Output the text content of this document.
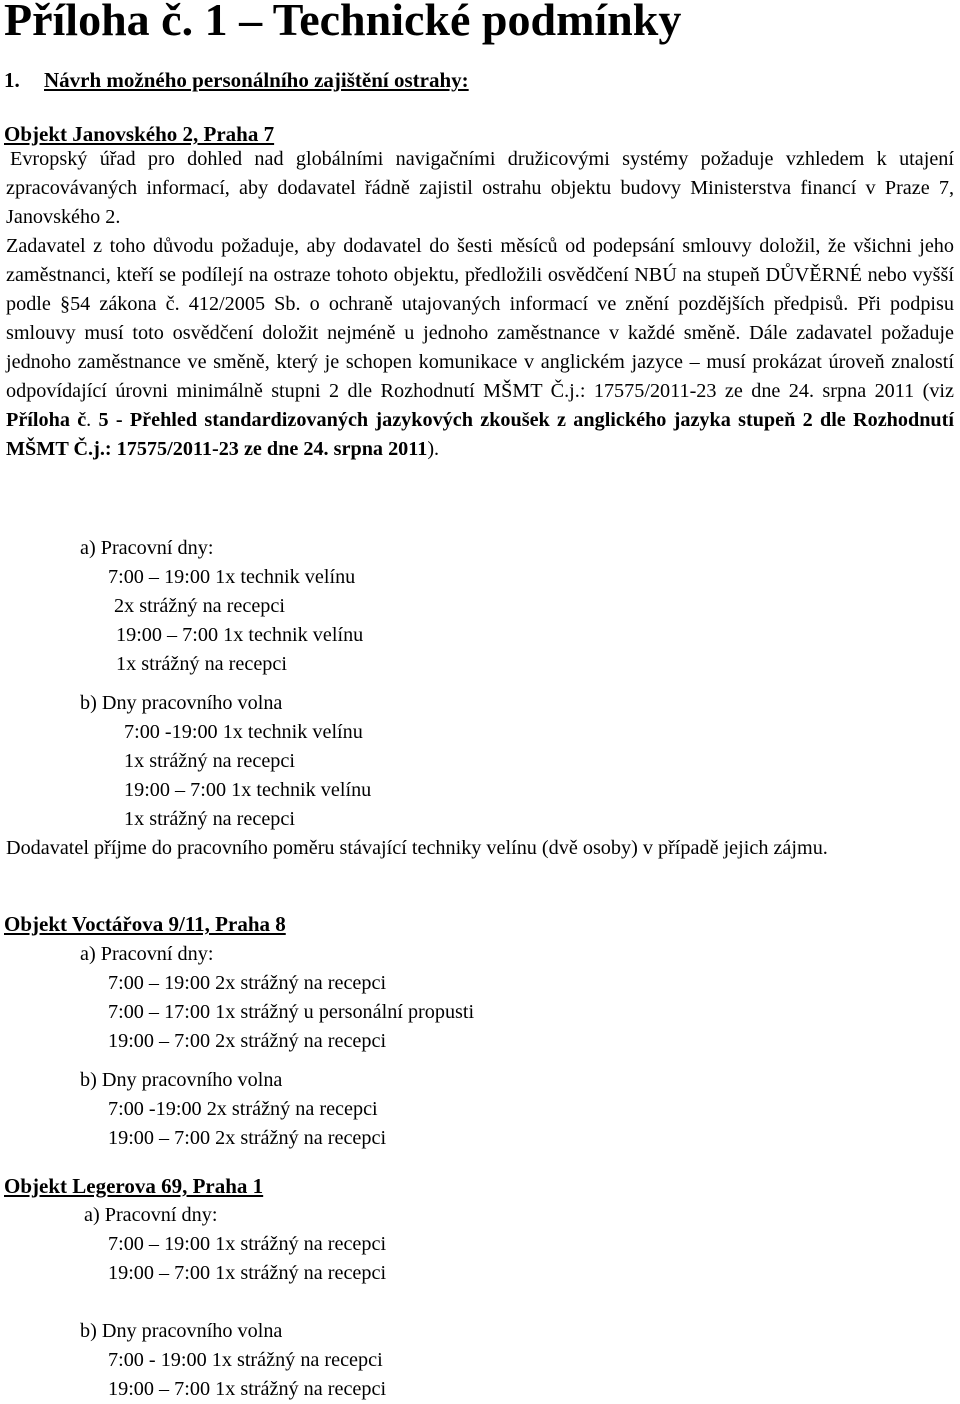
Příloha č. 1 – Technické podmínky
1. Návrh možného personálního zajištění ostrahy:
Objekt Janovského 2, Praha 7

Evropský úřad pro dohled nad globálními navigačními družicovými systémy požaduje vzhledem k utajení zpracovávaných informací, aby dodavatel řádně zajistil ostrahu objektu budovy Ministerstva financí v Praze 7, Janovského 2.

Zadavatel z toho důvodu požaduje, aby dodavatel do šesti měsíců od podepsání smlouvy doložil, že všichni jeho zaměstnanci, kteří se podílejí na ostraze tohoto objektu, předložili osvědčení NBÚ na stupeň DŮVĚRNÉ nebo vyšší podle §54 zákona č. 412/2005 Sb. o ochraně utajovaných informací ve znění pozdějších předpisů. Při podpisu smlouvy musí toto osvědčení doložit nejméně u jednoho zaměstnance v každé směně. Dále zadavatel požaduje jednoho zaměstnance ve směně, který je schopen komunikace v anglickém jazyce – musí prokázat úroveň znalostí odpovídající úrovni minimálně stupni 2 dle Rozhodnutí MŠMT Č.j.: 17575/2011-23 ze dne 24. srpna 2011 (viz Příloha č. 5 - Přehled standardizovaných jazykových zkoušek z anglického jazyka stupeň 2 dle Rozhodnutí MŠMT Č.j.: 17575/2011-23 ze dne 24. srpna 2011).

a) Pracovní dny:
7:00 – 19:00 1x technik velínu
2x strážný na recepci
19:00 – 7:00 1x technik velínu
1x strážný na recepci
b) Dny pracovního volna
7:00 -19:00 1x technik velínu
1x strážný na recepci
19:00 – 7:00 1x technik velínu
1x strážný na recepci

Dodavatel příjme do pracovního poměru stávající techniky velínu (dvě osoby) v případě jejich zájmu.

Objekt Voctářova 9/11, Praha 8
a) Pracovní dny:
7:00 – 19:00 2x strážný na recepci
7:00 – 17:00 1x strážný u personální propusti
19:00 – 7:00 2x strážný na recepci
b) Dny pracovního volna
7:00 -19:00 2x strážný na recepci
19:00 – 7:00 2x strážný na recepci
Objekt Legerova 69, Praha 1
a) Pracovní dny:
7:00 – 19:00 1x strážný na recepci
19:00 – 7:00 1x strážný na recepci
b) Dny pracovního volna
7:00 - 19:00 1x strážný na recepci
19:00 – 7:00 1x strážný na recepci
